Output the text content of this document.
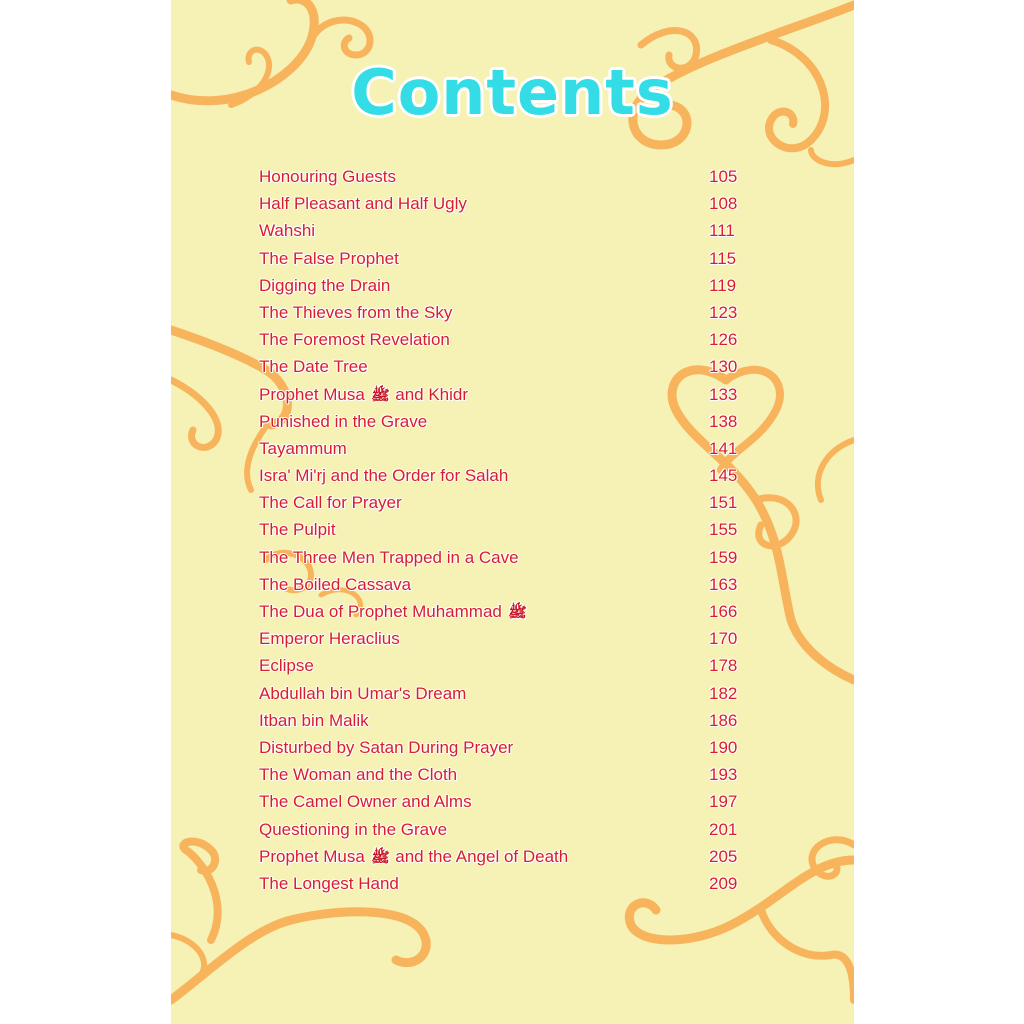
Contents
Honouring Guests	105
Half Pleasant and Half Ugly	108
Wahshi	111
The False Prophet	115
Digging the Drain	119
The Thieves from the Sky	123
The Foremost Revelation	126
The Date Tree	130
Prophet Musa ﷺ and Khidr	133
Punished in the Grave	138
Tayammum	141
Isra' Mi'rj and the Order for Salah	145
The Call for Prayer	151
The Pulpit	155
The Three Men Trapped in a Cave	159
The Boiled Cassava	163
The Dua of Prophet Muhammad ﷺ	166
Emperor Heraclius	170
Eclipse	178
Abdullah bin Umar's Dream	182
Itban bin Malik	186
Disturbed by Satan During Prayer	190
The Woman and the Cloth	193
The Camel Owner and Alms	197
Questioning in the Grave	201
Prophet Musa ﷺ and the Angel of Death	205
The Longest Hand	209
